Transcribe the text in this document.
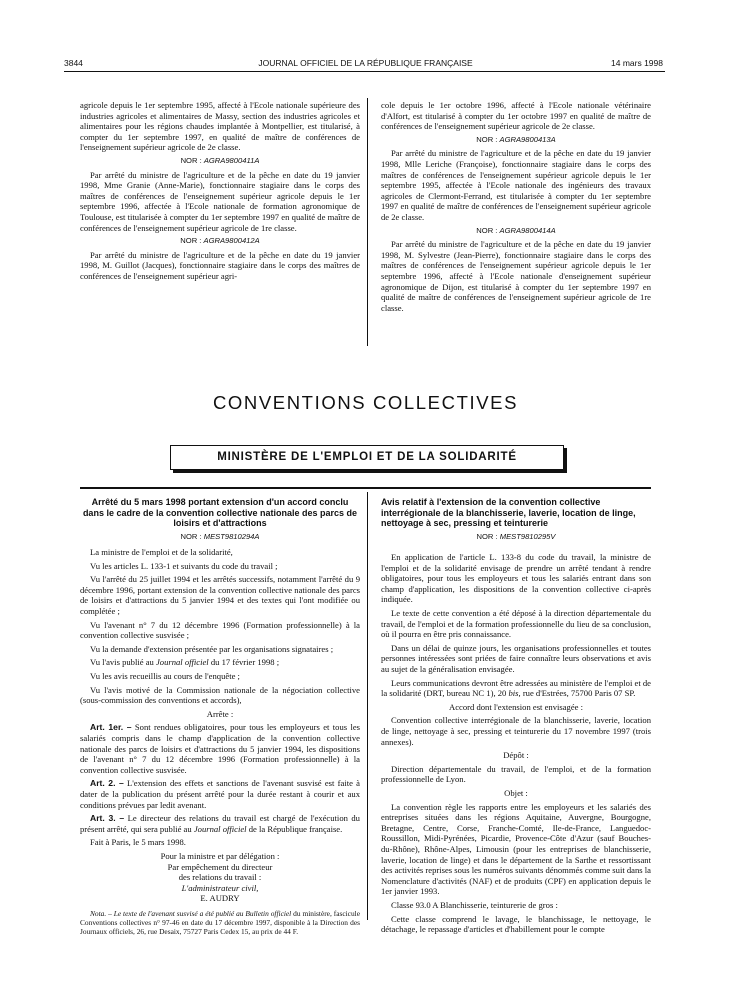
3844	JOURNAL OFFICIEL DE LA RÉPUBLIQUE FRANÇAISE	14 mars 1998

agricole depuis le 1er septembre 1995, affecté à l'Ecole nationale supérieure des industries agricoles et alimentaires de Massy, section des industries agricoles et alimentaires pour les régions chaudes implantée à Montpellier, est titularisé, à compter du 1er septembre 1997, en qualité de maître de conférences de l'enseignement supérieur agricole de 2e classe.

NOR : AGRA9800411A

Par arrêté du ministre de l'agriculture et de la pêche en date du 19 janvier 1998, Mme Granie (Anne-Marie), fonctionnaire stagiaire dans le corps des maîtres de conférences de l'enseignement supérieur agricole depuis le 1er septembre 1996, affectée à l'Ecole nationale de formation agronomique de Toulouse, est titularisée à compter du 1er septembre 1997 en qualité de maître de conférences de l'enseignement supérieur agricole de 1re classe.

NOR : AGRA9800412A

Par arrêté du ministre de l'agriculture et de la pêche en date du 19 janvier 1998, M. Guillot (Jacques), fonctionnaire stagiaire dans le corps des maîtres de conférences de l'enseignement supérieur agri-

cole depuis le 1er octobre 1996, affecté à l'Ecole nationale vétérinaire d'Alfort, est titularisé à compter du 1er octobre 1997 en qualité de maître de conférences de l'enseignement supérieur agricole de 2e classe.

NOR : AGRA9800413A

Par arrêté du ministre de l'agriculture et de la pêche en date du 19 janvier 1998, Mlle Leriche (Françoise), fonctionnaire stagiaire dans le corps des maîtres de conférences de l'enseignement supérieur agricole depuis le 1er septembre 1995, affectée à l'Ecole nationale des ingénieurs des travaux agricoles de Clermont-Ferrand, est titularisée à compter du 1er septembre 1997 en qualité de maître de conférences de l'enseignement supérieur agricole de 2e classe.

NOR : AGRA9800414A

Par arrêté du ministre de l'agriculture et de la pêche en date du 19 janvier 1998, M. Sylvestre (Jean-Pierre), fonctionnaire stagiaire dans le corps des maîtres de conférences de l'enseignement supérieur agricole depuis le 1er septembre 1996, affecté à l'Ecole nationale d'enseignement supérieur agronomique de Dijon, est titularisé à compter du 1er septembre 1997 en qualité de maître de conférences de l'enseignement supérieur agricole de 1re classe.

CONVENTIONS COLLECTIVES
MINISTÈRE DE L'EMPLOI ET DE LA SOLIDARITÉ
Arrêté du 5 mars 1998 portant extension d'un accord conclu dans le cadre de la convention collective nationale des parcs de loisirs et d'attractions

NOR : MEST9810294A

La ministre de l'emploi et de la solidarité,

Vu les articles L. 133-1 et suivants du code du travail ;

Vu l'arrêté du 25 juillet 1994 et les arrêtés successifs, notamment l'arrêté du 9 décembre 1996, portant extension de la convention collective nationale des parcs de loisirs et d'attractions du 5 janvier 1994 et des textes qui l'ont modifiée ou complétée ;

Vu l'avenant n° 7 du 12 décembre 1996 (Formation professionnelle) à la convention collective susvisée ;

Vu la demande d'extension présentée par les organisations signataires ;

Vu l'avis publié au Journal officiel du 17 février 1998 ;

Vu les avis recueillis au cours de l'enquête ;

Vu l'avis motivé de la Commission nationale de la négociation collective (sous-commission des conventions et accords),

Arrête :

Art. 1er. – Sont rendues obligatoires, pour tous les employeurs et tous les salariés compris dans le champ d'application de la convention collective nationale des parcs de loisirs et d'attractions du 5 janvier 1994, les dispositions de l'avenant n° 7 du 12 décembre 1996 (Formation professionnelle) à la convention collective susvisée.

Art. 2. – L'extension des effets et sanctions de l'avenant susvisé est faite à dater de la publication du présent arrêté pour la durée restant à courir et aux conditions prévues par ledit avenant.

Art. 3. – Le directeur des relations du travail est chargé de l'exécution du présent arrêté, qui sera publié au Journal officiel de la République française.

Fait à Paris, le 5 mars 1998.

Pour la ministre et par délégation :

Par empêchement du directeur

des relations du travail :

L'administrateur civil,

E. AUDRY

Nota. – Le texte de l'avenant susvisé a été publié au Bulletin officiel du ministère, fascicule Conventions collectives n° 97-46 en date du 17 décembre 1997, disponible à la Direction des Journaux officiels, 26, rue Desaix, 75727 Paris Cedex 15, au prix de 44 F.

Avis relatif à l'extension de la convention collective interrégionale de la blanchisserie, laverie, location de linge, nettoyage à sec, pressing et teinturerie

NOR : MEST9810295V

En application de l'article L. 133-8 du code du travail, la ministre de l'emploi et de la solidarité envisage de prendre un arrêté tendant à rendre obligatoires, pour tous les employeurs et tous les salariés entrant dans son champ d'application, les dispositions de la convention collective ci-après indiquée.

Le texte de cette convention a été déposé à la direction départementale du travail, de l'emploi et de la formation professionnelle du lieu de sa conclusion, où il pourra en être pris connaissance.

Dans un délai de quinze jours, les organisations professionnelles et toutes personnes intéressées sont priées de faire connaître leurs observations et avis au sujet de la généralisation envisagée.

Leurs communications devront être adressées au ministère de l'emploi et de la solidarité (DRT, bureau NC 1), 20 bis, rue d'Estrées, 75700 Paris 07 SP.

Accord dont l'extension est envisagée :

Convention collective interrégionale de la blanchisserie, laverie, location de linge, nettoyage à sec, pressing et teinturerie du 17 novembre 1997 (trois annexes).

Dépôt :

Direction départementale du travail, de l'emploi, et de la formation professionnelle de Lyon.

Objet :

La convention règle les rapports entre les employeurs et les salariés des entreprises situées dans les régions Aquitaine, Auvergne, Bourgogne, Bretagne, Centre, Corse, Franche-Comté, Ile-de-France, Languedoc-Roussillon, Midi-Pyrénées, Picardie, Provence-Côte d'Azur (sauf Bouches-du-Rhône), Rhône-Alpes, Limousin (pour les entreprises de blanchisserie, laverie, location de linge) et dans le département de la Sarthe et ressortissant des activités reprises sous les numéros suivants dénommés comme suit dans la Nomenclature d'activités (NAF) et de produits (CPF) en application depuis le 1er janvier 1993.

Classe 93.0 A Blanchisserie, teinturerie de gros :

Cette classe comprend le lavage, le blanchissage, le nettoyage, le détachage, le repassage d'articles et d'habillement pour le compte
